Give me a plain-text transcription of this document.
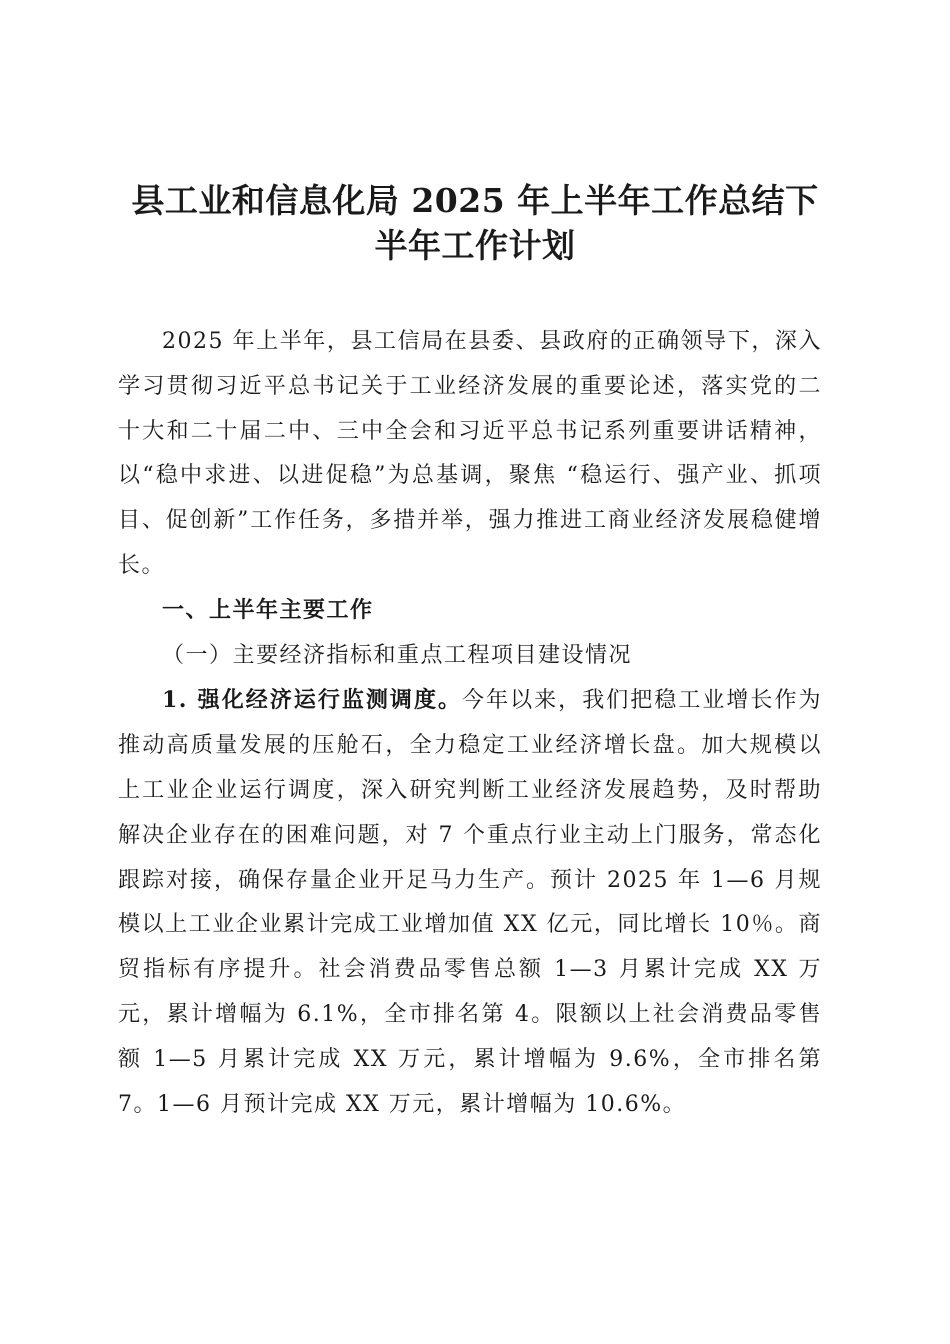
县工业和信息化局 2025 年上半年工作总结下
半年工作计划

2025 年上半年，县工信局在县委、县政府的正确领导下，深入学习贯彻习近平总书记关于工业经济发展的重要论述，落实党的二十大和二十届二中、三中全会和习近平总书记系列重要讲话精神，以“稳中求进、以进促稳”为总基调，聚焦 “稳运行、强产业、抓项目、促创新”工作任务，多措并举，强力推进工商业经济发展稳健增长。

一、上半年主要工作

（一）主要经济指标和重点工程项目建设情况

1. 强化经济运行监测调度。今年以来，我们把稳工业增长作为推动高质量发展的压舱石，全力稳定工业经济增长盘。加大规模以上工业企业运行调度，深入研究判断工业经济发展趋势，及时帮助解决企业存在的困难问题，对 7 个重点行业主动上门服务，常态化跟踪对接，确保存量企业开足马力生产。预计 2025 年 1—6 月规模以上工业企业累计完成工业增加值 XX 亿元，同比增长 10％。商贸指标有序提升。社会消费品零售总额 1—3 月累计完成 XX 万元，累计增幅为 6.1%，全市排名第 4。限额以上社会消费品零售额 1—5 月累计完成 XX 万元，累计增幅为 9.6%，全市排名第 7。1—6 月预计完成 XX 万元，累计增幅为 10.6%。
